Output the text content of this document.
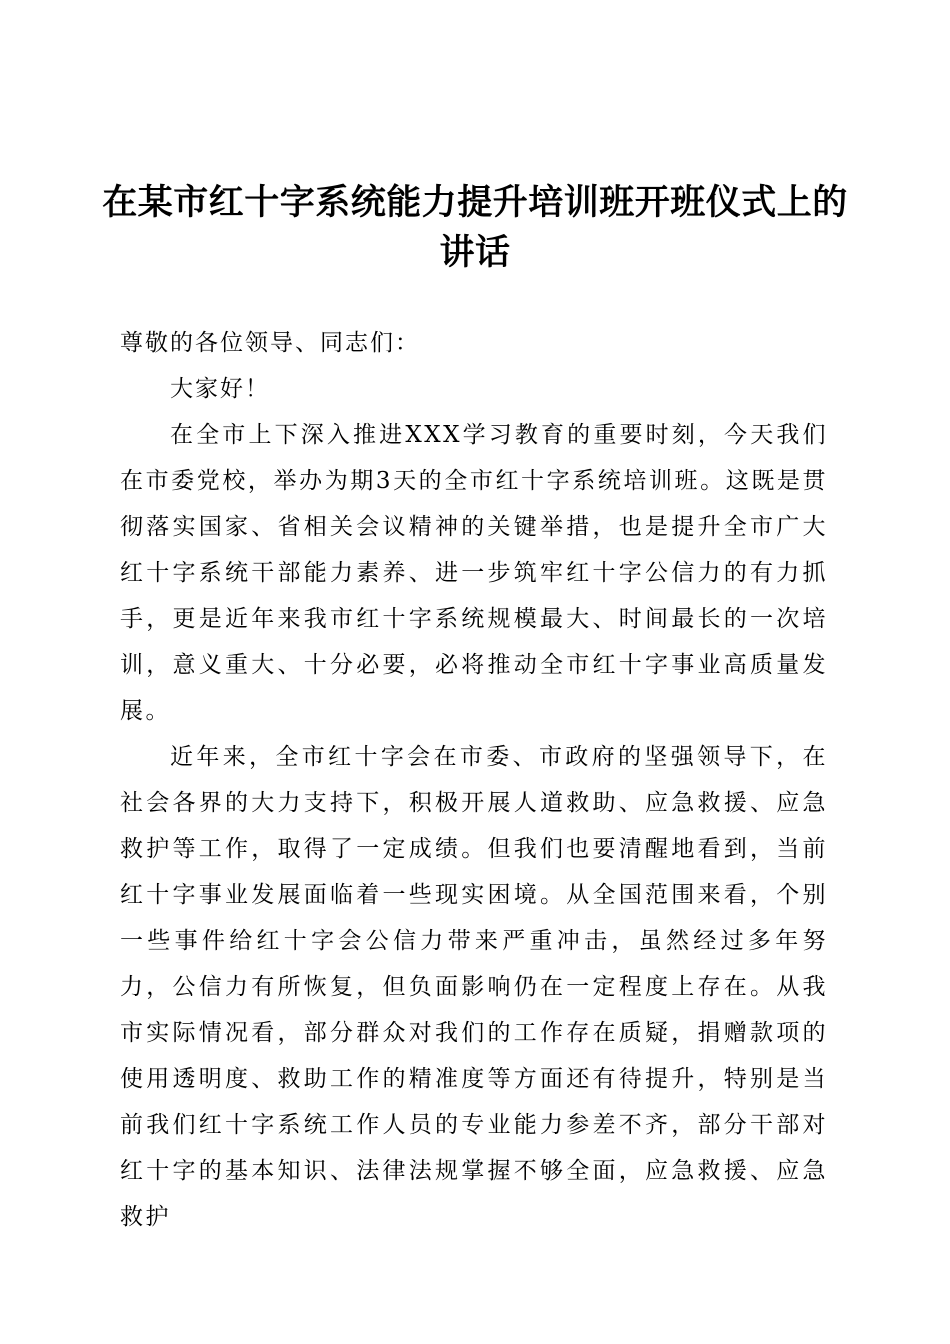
在某市红十字系统能力提升培训班开班仪式上的讲话

尊敬的各位领导、同志们：

大家好！

在全市上下深入推进XXX学习教育的重要时刻，今天我们在市委党校，举办为期3天的全市红十字系统培训班。这既是贯彻落实国家、省相关会议精神的关键举措，也是提升全市广大红十字系统干部能力素养、进一步筑牢红十字公信力的有力抓手，更是近年来我市红十字系统规模最大、时间最长的一次培训，意义重大、十分必要，必将推动全市红十字事业高质量发展。

近年来，全市红十字会在市委、市政府的坚强领导下，在社会各界的大力支持下，积极开展人道救助、应急救援、应急救护等工作，取得了一定成绩。但我们也要清醒地看到，当前红十字事业发展面临着一些现实困境。从全国范围来看，个别一些事件给红十字会公信力带来严重冲击，虽然经过多年努力，公信力有所恢复，但负面影响仍在一定程度上存在。从我市实际情况看，部分群众对我们的工作存在质疑，捐赠款项的使用透明度、救助工作的精准度等方面还有待提升，特别是当前我们红十字系统工作人员的专业能力参差不齐，部分干部对红十字的基本知识、法律法规掌握不够全面，应急救援、应急救护
